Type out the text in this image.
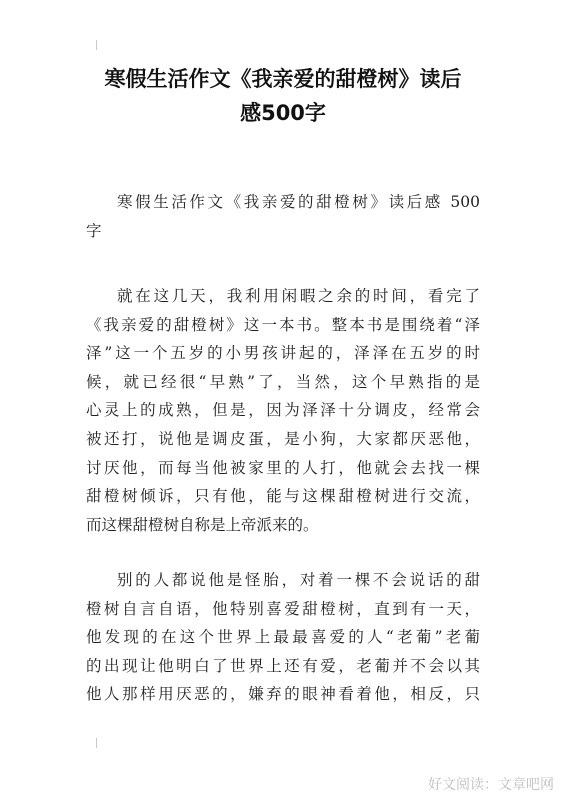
寒假生活作文《我亲爱的甜橙树》读后
感500字
寒假生活作文《我亲爱的甜橙树》读后感 500
字
就在这几天，我利用闲暇之余的时间，看完了
《我亲爱的甜橙树》这一本书。整本书是围绕着“泽
泽”这一个五岁的小男孩讲起的，泽泽在五岁的时
候，就已经很“早熟”了，当然，这个早熟指的是
心灵上的成熟，但是，因为泽泽十分调皮，经常会
被还打，说他是调皮蛋，是小狗，大家都厌恶他，
讨厌他，而每当他被家里的人打，他就会去找一棵
甜橙树倾诉，只有他，能与这棵甜橙树进行交流，
而这棵甜橙树自称是上帝派来的。
别的人都说他是怪胎，对着一棵不会说话的甜
橙树自言自语，他特别喜爱甜橙树，直到有一天，
他发现的在这个世界上最最喜爱的人“老葡”老葡
的出现让他明白了世界上还有爱，老葡并不会以其
他人那样用厌恶的，嫌弃的眼神看着他，相反，只
好文阅读：文章吧网
